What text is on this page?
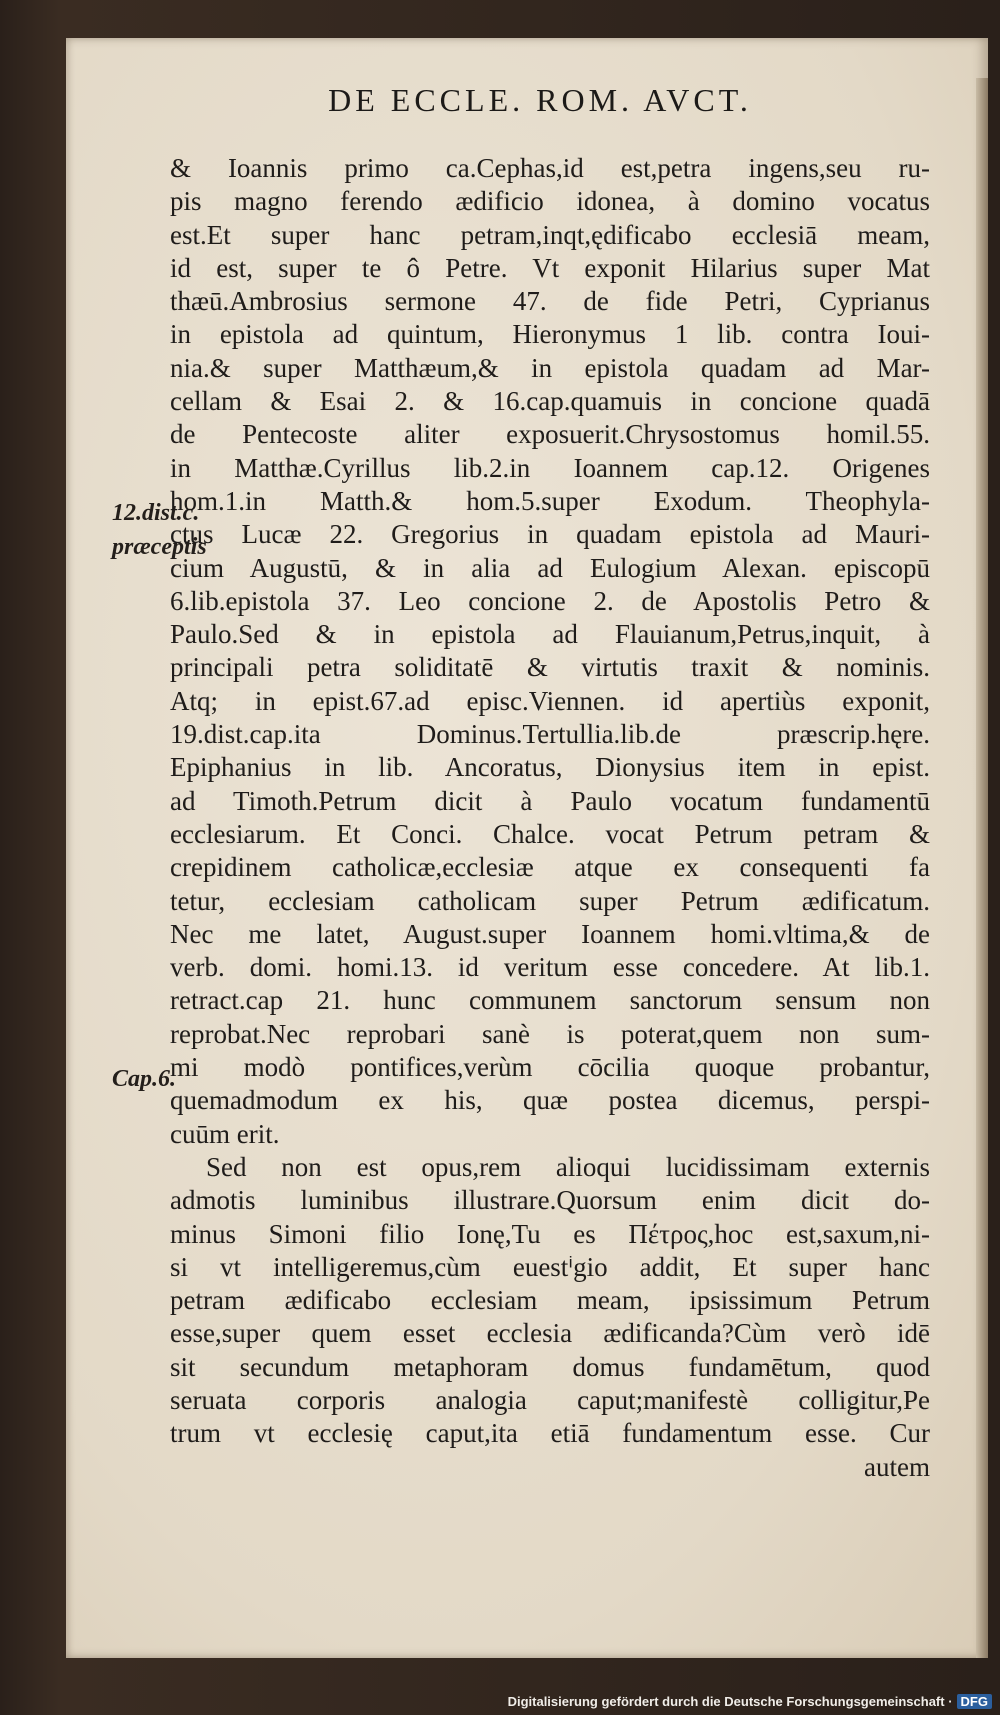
DE ECCLE. ROM. AVCT.
12.dist.c.
præceptis
Cap.6.
& Ioannis primo ca.Cephas,id est,petra ingens,seu ru-
pis magno ferendo ædificio idonea, à domino vocatus
est.Et super hanc petram,inqt,ędificabo ecclesiā meam,
id est, super te ô Petre. Vt exponit Hilarius super Mat
thæū.Ambrosius sermone 47. de fide Petri, Cyprianus
in epistola ad quintum, Hieronymus 1 lib. contra Ioui-
nia.& super Matthæum,& in epistola quadam ad Mar-
cellam & Esai 2. & 16.cap.quamuis in concione quadā
de Pentecoste aliter exposuerit.Chrysostomus homil.55.
in Matthæ.Cyrillus lib.2.in Ioannem cap.12. Origenes
hom.1.in Matth.& hom.5.super Exodum. Theophyla-
ctus Lucæ 22. Gregorius in quadam epistola ad Mauri-
cium Augustū, & in alia ad Eulogium Alexan. episcopū
6.lib.epistola 37. Leo concione 2. de Apostolis Petro &
Paulo.Sed & in epistola ad Flauianum,Petrus,inquit, à
principali petra soliditatē & virtutis traxit & nominis.
Atq; in epist.67.ad episc.Viennen. id apertiùs exponit,
19.dist.cap.ita Dominus.Tertullia.lib.de præscrip.hęre.
Epiphanius in lib. Ancoratus, Dionysius item in epist.
ad Timoth.Petrum dicit à Paulo vocatum fundamentū
ecclesiarum. Et Conci. Chalce. vocat Petrum petram &
crepidinem catholicæ,ecclesiæ atque ex consequenti fa
tetur, ecclesiam catholicam super Petrum ædificatum.
Nec me latet, August.super Ioannem homi.vltima,& de
verb. domi. homi.13. id veritum esse concedere. At lib.1.
retract.cap 21. hunc communem sanctorum sensum non
reprobat.Nec reprobari sanè is poterat,quem non sum-
mi modò pontifices,verùm cōcilia quoque probantur,
quemadmodum ex his, quæ postea dicemus, perspi-
cuūm erit.
Sed non est opus,rem alioqui lucidissimam externis
admotis luminibus illustrare.Quorsum enim dicit do-
minus Simoni filio Ionę,Tu es Πέτρος,hoc est,saxum,ni-
si vt intelligeremus,cùm euestⁱgio addit, Et super hanc
petram ædificabo ecclesiam meam, ipsissimum Petrum
esse,super quem esset ecclesia ædificanda?Cùm verò idē
sit secundum metaphoram domus fundamētum, quod
seruata corporis analogia caput;manifestè colligitur,Pe
trum vt ecclesię caput,ita etiā fundamentum esse. Cur
autem
Digitalisierung gefördert durch die Deutsche Forschungsgemeinschaft · DFG
